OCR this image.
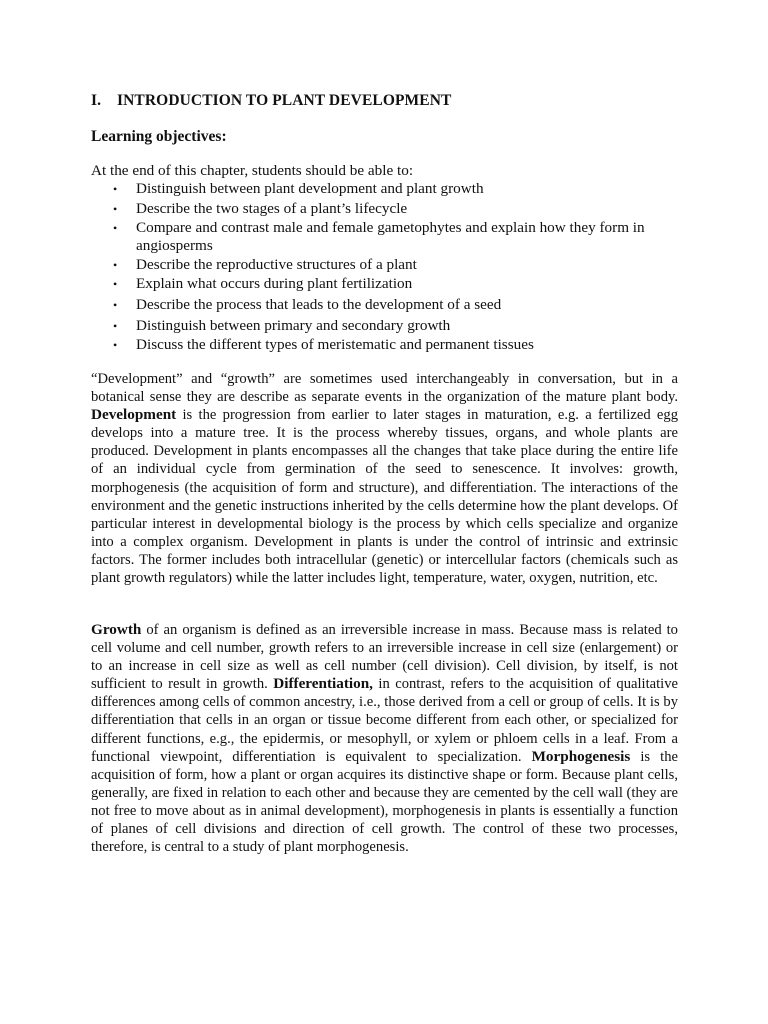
I. INTRODUCTION TO PLANT DEVELOPMENT
Learning objectives:
At the end of this chapter, students should be able to:
• Distinguish between plant development and plant growth
• Describe the two stages of a plant’s lifecycle
• Compare and contrast male and female gametophytes and explain how they form in angiosperms
• Describe the reproductive structures of a plant
• Explain what occurs during plant fertilization
• Describe the process that leads to the development of a seed
• Distinguish between primary and secondary growth
• Discuss the different types of meristematic and permanent tissues

“Development” and “growth” are sometimes used interchangeably in conversation, but in a botanical sense they are describe as separate events in the organization of the mature plant body. Development is the progression from earlier to later stages in maturation, e.g. a fertilized egg develops into a mature tree. It is the process whereby tissues, organs, and whole plants are produced. Development in plants encompasses all the changes that take place during the entire life of an individual cycle from germination of the seed to senescence. It involves: growth, morphogenesis (the acquisition of form and structure), and differentiation. The interactions of the environment and the genetic instructions inherited by the cells determine how the plant develops. Of particular interest in developmental biology is the process by which cells specialize and organize into a complex organism. Development in plants is under the control of intrinsic and extrinsic factors. The former includes both intracellular (genetic) or intercellular factors (chemicals such as plant growth regulators) while the latter includes light, temperature, water, oxygen, nutrition, etc.

Growth of an organism is defined as an irreversible increase in mass. Because mass is related to cell volume and cell number, growth refers to an irreversible increase in cell size (enlargement) or to an increase in cell size as well as cell number (cell division). Cell division, by itself, is not sufficient to result in growth. Differentiation, in contrast, refers to the acquisition of qualitative differences among cells of common ancestry, i.e., those derived from a cell or group of cells. It is by differentiation that cells in an organ or tissue become different from each other, or specialized for different functions, e.g., the epidermis, or mesophyll, or xylem or phloem cells in a leaf. From a functional viewpoint, differentiation is equivalent to specialization. Morphogenesis is the acquisition of form, how a plant or organ acquires its distinctive shape or form. Because plant cells, generally, are fixed in relation to each other and because they are cemented by the cell wall (they are not free to move about as in animal development), morphogenesis in plants is essentially a function of planes of cell divisions and direction of cell growth. The control of these two processes, therefore, is central to a study of plant morphogenesis.
